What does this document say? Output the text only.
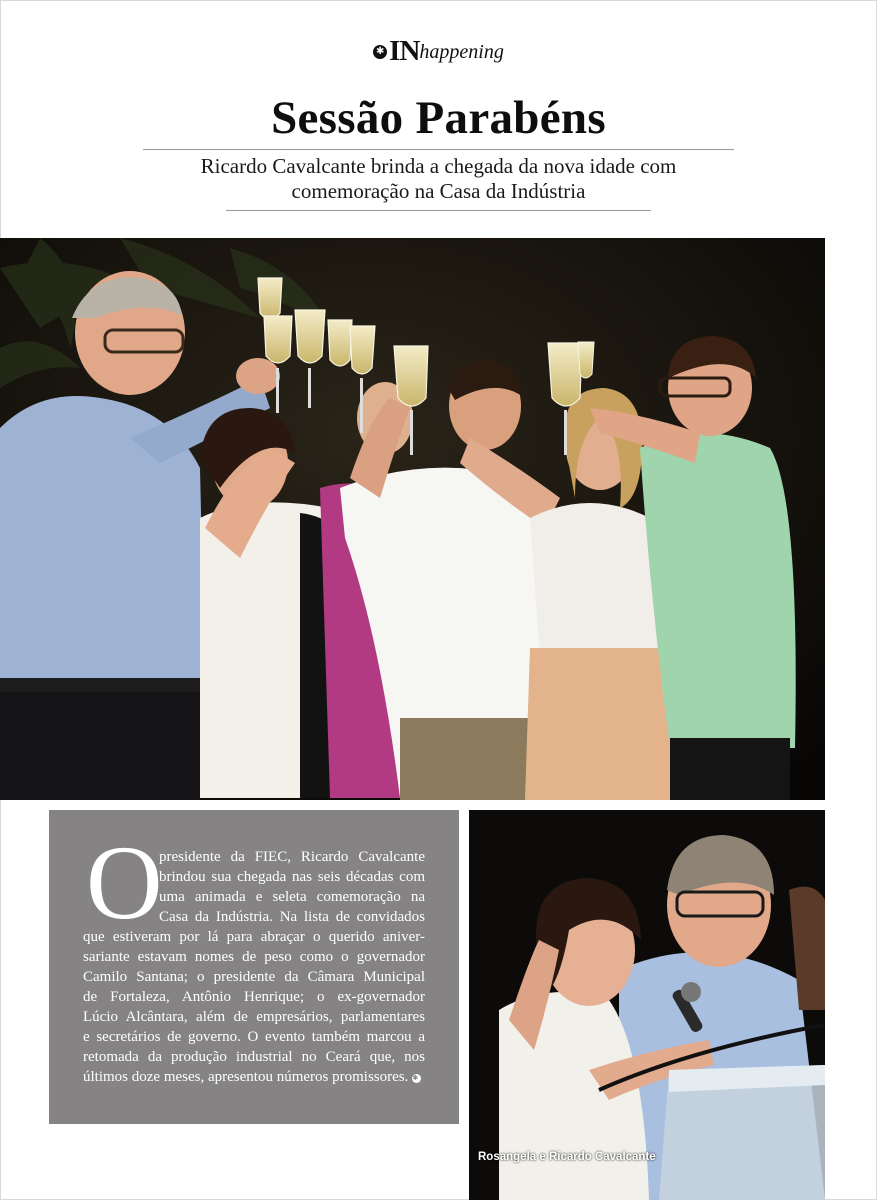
✱ IN happening
Sessão Parabéns
Ricardo Cavalcante brinda a chegada da nova idade com
comemoração na Casa da Indústria
O
presidente da FIEC, Ricardo Cavalcante
brindou sua chegada nas seis décadas com
uma animada e seleta comemoração na
Casa da Indústria. Na lista de convidados
que estiveram por lá para abraçar o querido aniver-
sariante estavam nomes de peso como o governador
Camilo Santana; o presidente da Câmara Municipal
de Fortaleza, Antônio Henrique; o ex-governador
Lúcio Alcântara, além de empresários, parlamentares
e secretários de governo. O evento também marcou a
retomada da produção industrial no Ceará que, nos
últimos doze meses, apresentou números promissores. ✱
Rosangela e Ricardo Cavalcante
